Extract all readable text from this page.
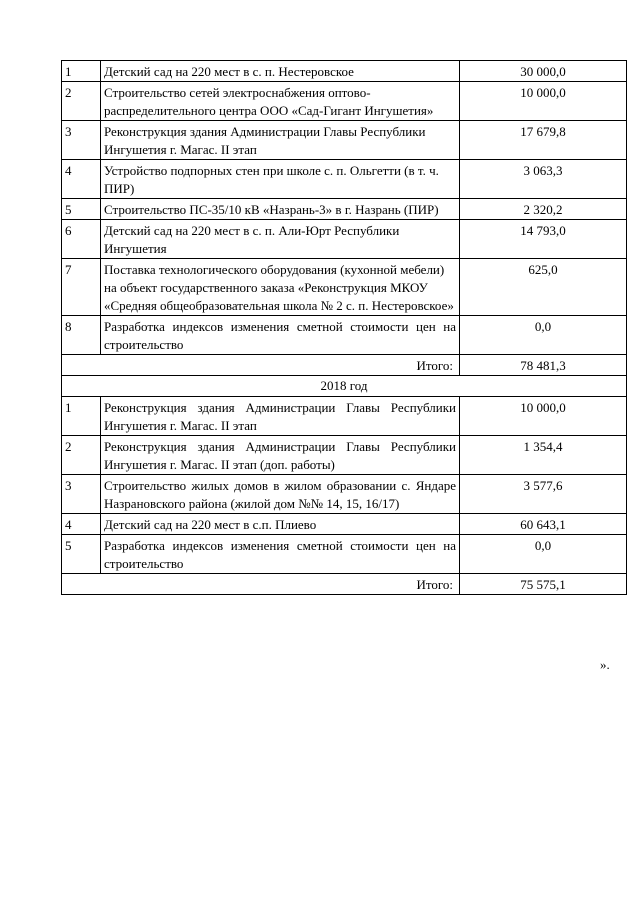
1	Детский сад на 220 мест в с. п. Нестеровское	30 000,0
2	Строительство сетей электроснабжения оптово-распределительного центра ООО «Сад-Гигант Ингушетия»	10 000,0
3	Реконструкция здания Администрации Главы Республики Ингушетия г. Магас. II этап	17 679,8
4	Устройство подпорных стен при школе с. п. Ольгетти (в т. ч. ПИР)	3 063,3
5	Строительство ПС-35/10 кВ «Назрань-3» в г. Назрань (ПИР)	2 320,2
6	Детский сад на 220 мест в с. п. Али-Юрт Республики Ингушетия	14 793,0
7	Поставка технологического оборудования (кухонной мебели) на объект государственного заказа «Реконструкция МКОУ «Средняя общеобразовательная школа № 2 с. п. Нестеровское»	625,0
8	Разработка индексов изменения сметной стоимости цен на строительство	0,0
Итого:		78 481,3
2018 год		
1	Реконструкция здания Администрации Главы Республики Ингушетия г. Магас. II этап	10 000,0
2	Реконструкция здания Администрации Главы Республики Ингушетия г. Магас. II этап (доп. работы)	1 354,4
3	Строительство жилых домов в жилом образовании с. Яндаре Назрановского района (жилой дом №№ 14, 15, 16/17)	3 577,6
4	Детский сад на 220 мест в с.п. Плиево	60 643,1
5	Разработка индексов изменения сметной стоимости цен на строительство	0,0
Итого:		75 575,1
».
